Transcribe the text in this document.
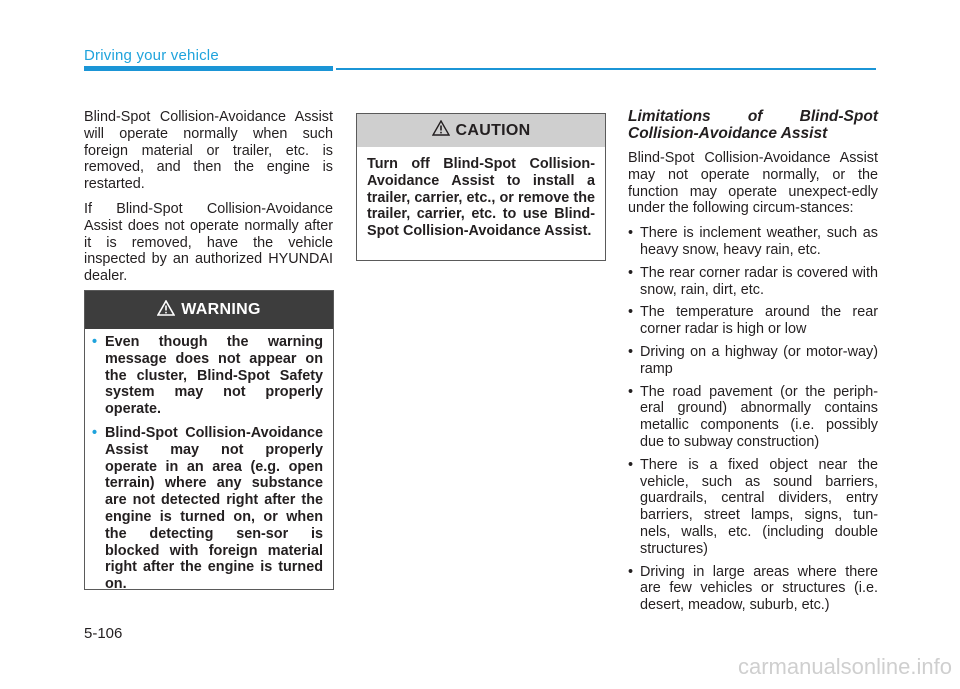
Driving your vehicle

Blind-Spot Collision-Avoidance Assist will operate normally when such foreign material or trailer, etc. is removed, and then the engine is restarted.

If Blind-Spot Collision-Avoidance Assist does not operate normally after it is removed, have the vehicle inspected by an authorized HYUNDAI dealer.

WARNING
• Even though the warning message does not appear on the cluster, Blind-Spot Safety system may not properly operate.
• Blind-Spot Collision-Avoidance Assist may not properly operate in an area (e.g. open terrain) where any substance are not detected right after the engine is turned on, or when the detecting sen-sor is blocked with foreign material right after the engine is turned on.
CAUTION
Turn off Blind-Spot Collision-Avoidance Assist to install a trailer, carrier, etc., or remove the trailer, carrier, etc. to use Blind-Spot Collision-Avoidance Assist.

Limitations of Blind-Spot Collision-Avoidance Assist

Blind-Spot Collision-Avoidance Assist may not operate normally, or the function may operate unexpect-edly under the following circum-stances:

• There is inclement weather, such as heavy snow, heavy rain, etc.
• The rear corner radar is covered with snow, rain, dirt, etc.
• The temperature around the rear corner radar is high or low
• Driving on a highway (or motor-way) ramp
• The road pavement (or the periph-eral ground) abnormally contains metallic components (i.e. possibly due to subway construction)
• There is a fixed object near the vehicle, such as sound barriers, guardrails, central dividers, entry barriers, street lamps, signs, tun-nels, walls, etc. (including double structures)
• Driving in large areas where there are few vehicles or structures (i.e. desert, meadow, suburb, etc.)
5-106
carmanualsonline.info
